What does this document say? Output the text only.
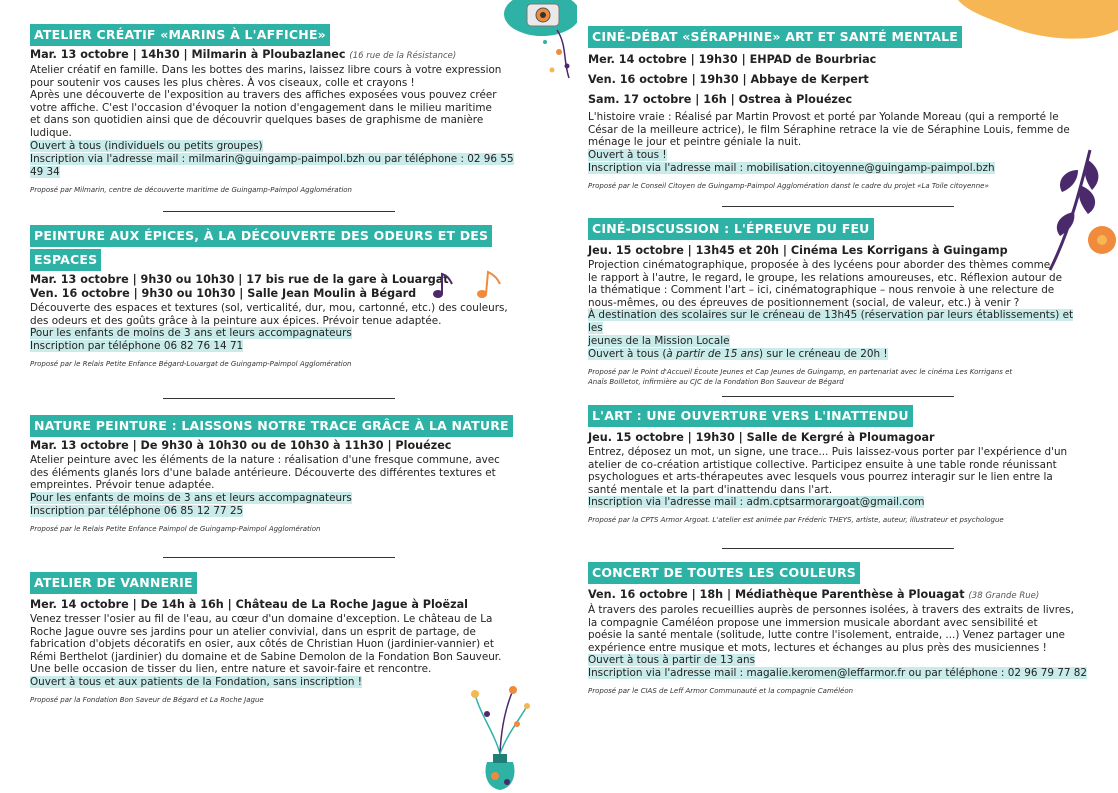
ATELIER CRÉATIF «MARINS À L'AFFICHE»
Mar. 13 octobre | 14h30 | Milmarin à Ploubazlanec (16 rue de la Résistance)
Atelier créatif en famille. Dans les bottes des marins, laissez libre cours à votre expression
pour soutenir vos causes les plus chères. À vos ciseaux, colle et crayons !
Après une découverte de l'exposition au travers des affiches exposées vous pouvez créer
votre affiche. C'est l'occasion d'évoquer la notion d'engagement dans le milieu maritime
et dans son quotidien ainsi que de découvrir quelques bases de graphisme de manière
ludique.
Ouvert à tous (individuels ou petits groupes)
Inscription via l'adresse mail : milmarin@guingamp-paimpol.bzh ou par téléphone : 02 96 55 49 34
Proposé par Milmarin, centre de découverte maritime de Guingamp-Paimpol Agglomération
PEINTURE AUX ÉPICES, À LA DÉCOUVERTE DES ODEURS ET DES
ESPACES
Mar. 13 octobre | 9h30 ou 10h30 | 17 bis rue de la gare à Louargat
Ven. 16 octobre | 9h30 ou 10h30 | Salle Jean Moulin à Bégard
Découverte des espaces et textures (sol, verticalité, dur, mou, cartonné, etc.) des couleurs,
des odeurs et des goûts grâce à la peinture aux épices. Prévoir tenue adaptée.
Pour les enfants de moins de 3 ans et leurs accompagnateurs
Inscription par téléphone 06 82 76 14 71
Proposé par le Relais Petite Enfance Bégard-Louargat de Guingamp-Paimpol Agglomération
NATURE PEINTURE : LAISSONS NOTRE TRACE GRÂCE À LA NATURE
Mar. 13 octobre | De 9h30 à 10h30 ou de 10h30 à 11h30 | Plouézec
Atelier peinture avec les éléments de la nature : réalisation d'une fresque commune, avec
des éléments glanés lors d'une balade antérieure. Découverte des différentes textures et
empreintes. Prévoir tenue adaptée.
Pour les enfants de moins de 3 ans et leurs accompagnateurs
Inscription par téléphone 06 85 12 77 25
Proposé par le Relais Petite Enfance Paimpol de Guingamp-Paimpol Agglomération
ATELIER DE VANNERIE
Mer. 14 octobre | De 14h à 16h | Château de La Roche Jague à Ploëzal
Venez tresser l'osier au fil de l'eau, au cœur d'un domaine d'exception. Le château de La
Roche Jague ouvre ses jardins pour un atelier convivial, dans un esprit de partage, de
fabrication d'objets décoratifs en osier, aux côtés de Christian Huon (jardinier-vannier) et
Rémi Berthelot (jardinier) du domaine et de Sabine Demolon de la Fondation Bon Sauveur.
Une belle occasion de tisser du lien, entre nature et savoir-faire et rencontre.
Ouvert à tous et aux patients de la Fondation, sans inscription !
Proposé par la Fondation Bon Saveur de Bégard et La Roche Jague
CINÉ-DÉBAT «SÉRAPHINE» ART ET SANTÉ MENTALE
Mer. 14 octobre | 19h30 | EHPAD de Bourbriac
Ven. 16 octobre | 19h30 | Abbaye de Kerpert
Sam. 17 octobre | 16h | Ostrea à Plouézec
L'histoire vraie : Réalisé par Martin Provost et porté par Yolande Moreau (qui a remporté le
César de la meilleure actrice), le film Séraphine retrace la vie de Séraphine Louis, femme de
ménage le jour et peintre géniale la nuit.
Ouvert à tous !
Inscription via l'adresse mail : mobilisation.citoyenne@guingamp-paimpol.bzh
Proposé par le Conseil Citoyen de Guingamp-Paimpol Agglomération danst le cadre du projet «La Toile citoyenne»
CINÉ-DISCUSSION : L'ÉPREUVE DU FEU
Jeu. 15 octobre | 13h45 et 20h | Cinéma Les Korrigans à Guingamp
Projection cinématographique, proposée à des lycéens pour aborder des thèmes comme
le rapport à l'autre, le regard, le groupe, les relations amoureuses, etc. Réflexion autour de
la thématique : Comment l'art – ici, cinématographique – nous renvoie à une relecture de
nous-mêmes, ou des épreuves de positionnement (social, de valeur, etc.) à venir ?
À destination des scolaires sur le créneau de 13h45 (réservation par leurs établissements) et les
jeunes de la Mission Locale
Ouvert à tous (à partir de 15 ans) sur le créneau de 20h !
Proposé par le Point d'Accueil Écoute Jeunes et Cap Jeunes de Guingamp, en partenariat avec le cinéma Les Korrigans et
Anaïs Boilletot, infirmière au CJC de la Fondation Bon Sauveur de Bégard
L'ART : UNE OUVERTURE VERS L'INATTENDU
Jeu. 15 octobre | 19h30 | Salle de Kergré à Ploumagoar
Entrez, déposez un mot, un signe, une trace... Puis laissez-vous porter par l'expérience d'un
atelier de co-création artistique collective. Participez ensuite à une table ronde réunissant
psychologues et arts-thérapeutes avec lesquels vous pourrez interagir sur le lien entre la
santé mentale et la part d'inattendu dans l'art.
Inscription via l'adresse mail : adm.cptsarmorargoat@gmail.com
Proposé par la CPTS Armor Argoat. L'atelier est animée par Fréderic THEYS, artiste, auteur, illustrateur et psychologue
CONCERT DE TOUTES LES COULEURS
Ven. 16 octobre | 18h | Médiathèque Parenthèse à Plouagat (38 Grande Rue)
À travers des paroles recueillies auprès de personnes isolées, à travers des extraits de livres,
la compagnie Caméléon propose une immersion musicale abordant avec sensibilité et
poésie la santé mentale (solitude, lutte contre l'isolement, entraide, ...) Venez partager une
expérience entre musique et mots, lectures et échanges au plus près des musiciennes !
Ouvert à tous à partir de 13 ans
Inscription via l'adresse mail : magalie.keromen@leffarmor.fr ou par téléphone : 02 96 79 77 82
Proposé par le CIAS de Leff Armor Communauté et la compagnie Caméléon
